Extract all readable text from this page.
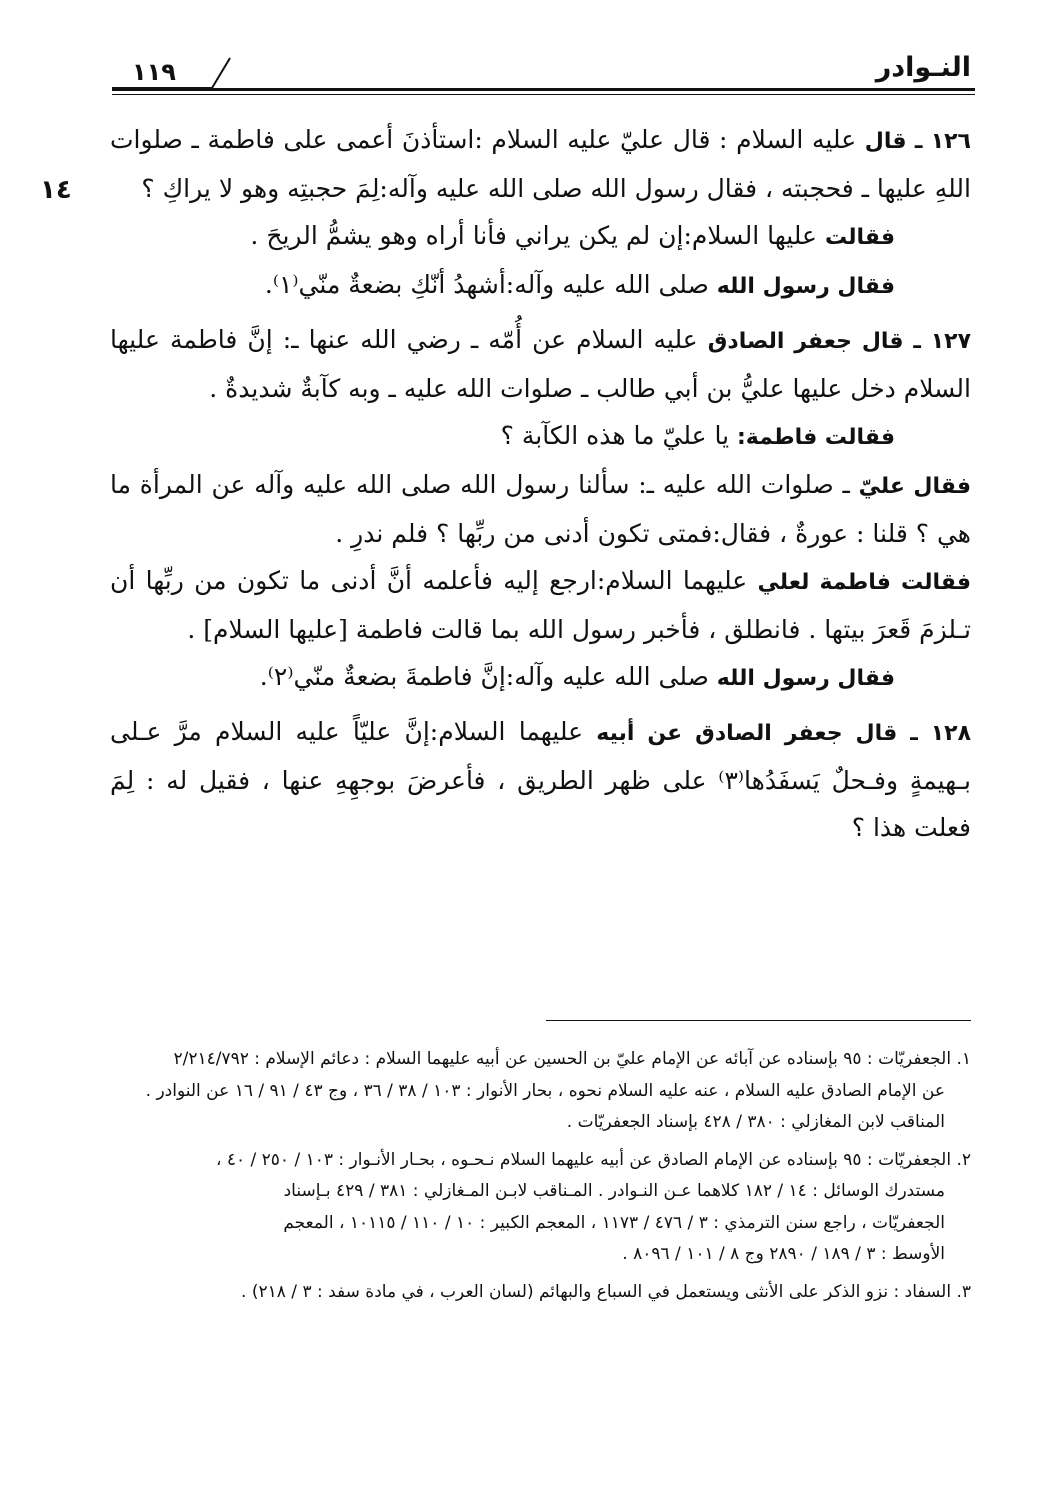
النـوادر
١١٩
١٤

١٢٦ ـ قال عليه السلام : قال عليّ عليه السلام :استأذنَ أعمى على فاطمة ـ صلوات اللهِ عليها ـ فحجبته ، فقال رسول الله صلى الله عليه وآله:لِمَ حجبتِه وهو لا يراكِ ؟

فقالت عليها السلام:إن لم يكن يراني فأنا أراه وهو يشمُّ الريحَ .

فقال رسول الله صلى الله عليه وآله:أشهدُ أنّكِ بضعةٌ منّي⁽١⁾.

١٢٧ ـ قال جعفر الصادق عليه السلام عن أُمّه ـ رضي الله عنها ـ: إنَّ فاطمة عليها السلام دخل عليها عليُّ بن أبي طالب ـ صلوات الله عليه ـ وبه كآبةٌ شديدةٌ .

فقالت فاطمة: يا عليّ ما هذه الكآبة ؟

فقال عليّ ـ صلوات الله عليه ـ: سألنا رسول الله صلى الله عليه وآله عن المرأة ما هي ؟ قلنا : عورةٌ ، فقال:فمتى تكون أدنى من ربِّها ؟ فلم ندرِ .

فقالت فاطمة لعلي عليهما السلام:ارجع إليه فأعلمه أنَّ أدنى ما تكون من ربِّها أن تـلزمَ قَعرَ بيتها . فانطلق ، فأخبر رسول الله بما قالت فاطمة [عليها السلام] .

فقال رسول الله صلى الله عليه وآله:إنَّ فاطمةَ بضعةٌ منّي⁽٢⁾.

١٢٨ ـ قال جعفر الصادق عن أبيه عليهما السلام:إنَّ عليّاً عليه السلام مرَّ عـلى بـهيمةٍ وفـحلٌ يَسفَدُها⁽٣⁾ على ظهر الطريق ، فأعرضَ بوجهِهِ عنها ، فقيل له : لِمَ فعلت هذا ؟

١. الجعفريّات : ٩٥ بإسناده عن آبائه عن الإمام عليّ بن الحسين عن أبيه عليهما السلام : دعائم الإسلام : ٢/٢١٤/٧٩٢
عن الإمام الصادق عليه السلام ، عنه عليه السلام نحوه ، بحار الأنوار : ١٠٣ / ٣٨ / ٣٦ ، وج ٤٣ / ٩١ / ١٦ عن النوادر .
المناقب لابن المغازلي : ٣٨٠ / ٤٢٨ بإسناد الجعفريّات .
٢. الجعفريّات : ٩٥ بإسناده عن الإمام الصادق عن أبيه عليهما السلام نـحـوه ، بحـار الأنـوار : ١٠٣ / ٢٥٠ / ٤٠ ،
مستدرك الوسائل : ١٤ / ١٨٢ كلاهما عـن النـوادر . المـناقب لابـن المـغازلي : ٣٨١ / ٤٢٩ بـإسناد
الجعفريّات ، راجع سنن الترمذي : ٣ / ٤٧٦ / ١١٧٣ ، المعجم الكبير : ١٠ / ١١٠ / ١٠١١٥ ، المعجم
الأوسط : ٣ / ١٨٩ / ٢٨٩٠ وج ٨ / ١٠١ / ٨٠٩٦ .
٣. السفاد : نزو الذكر على الأنثى ويستعمل في السباع والبهائم (لسان العرب ، في مادة سفد : ٣ / ٢١٨) .
